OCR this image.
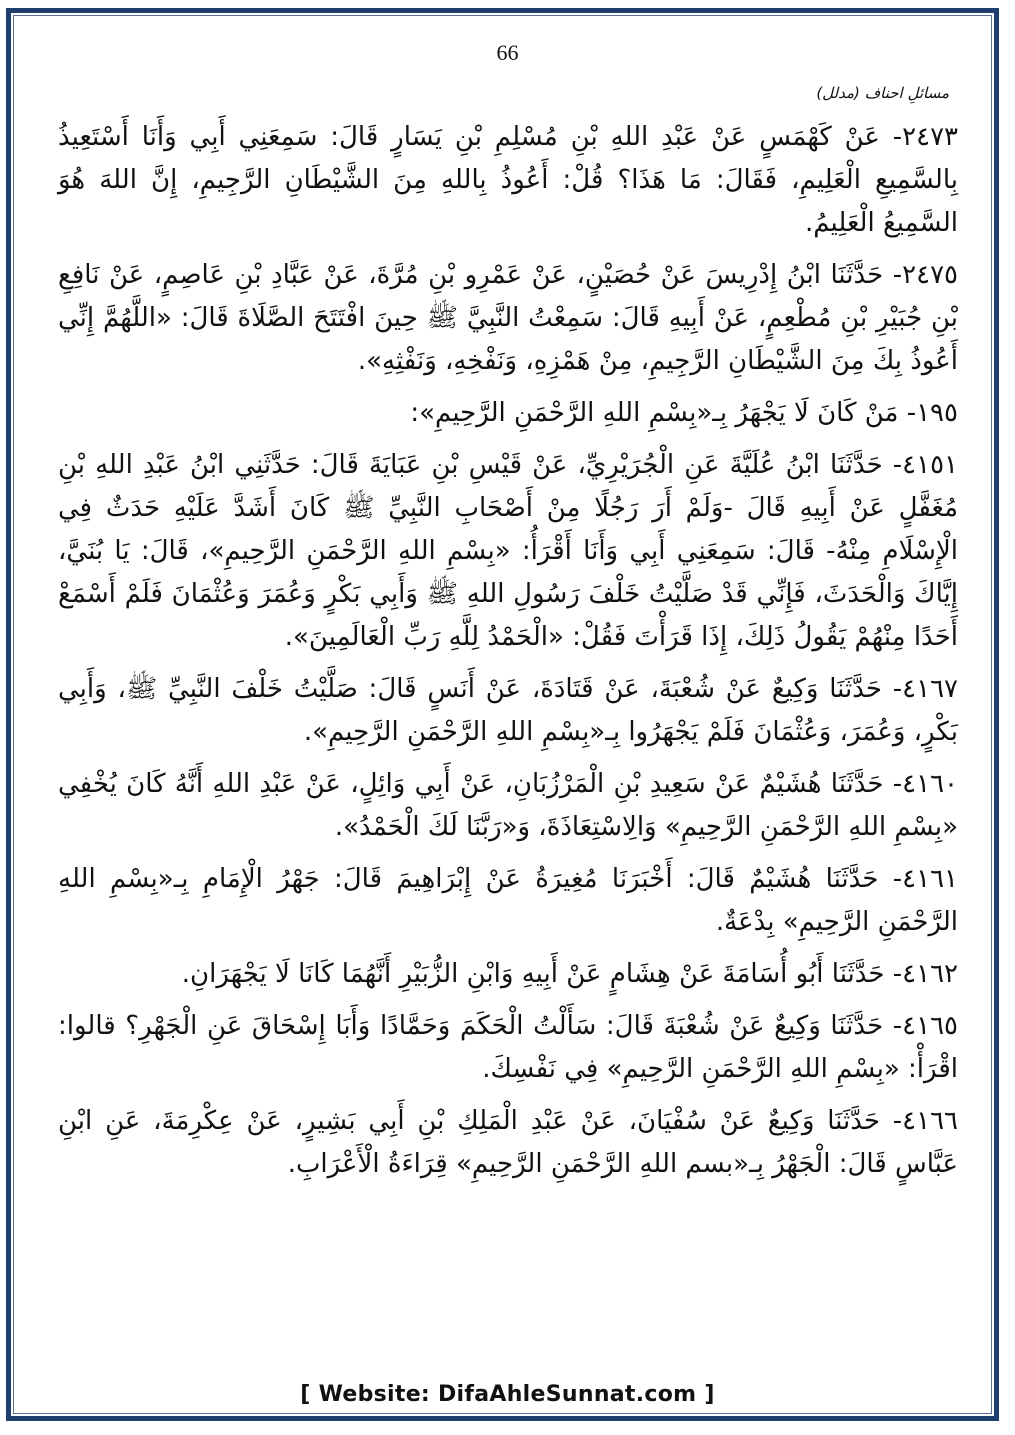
66
مسائلِ احناف (مدلل)

٢٤٧٣- عَنْ كَهْمَسٍ عَنْ عَبْدِ اللهِ بْنِ مُسْلِمِ بْنِ يَسَارٍ قَالَ: سَمِعَنِي أَبِي وَأَنَا أَسْتَعِيذُ بِالسَّمِيعِ الْعَلِيمِ، فَقَالَ: مَا هَذَا؟ قُلْ: أَعُوذُ بِاللهِ مِنَ الشَّيْطَانِ الرَّجِيمِ، إِنَّ اللهَ هُوَ السَّمِيعُ الْعَلِيمُ.

٢٤٧٥- حَدَّثَنَا ابْنُ إِدْرِيسَ عَنْ حُصَيْنٍ، عَنْ عَمْرِو بْنِ مُرَّةَ، عَنْ عَبَّادِ بْنِ عَاصِمٍ، عَنْ نَافِعِ بْنِ جُبَيْرِ بْنِ مُطْعِمٍ، عَنْ أَبِيهِ قَالَ: سَمِعْتُ النَّبِيَّ ﷺ حِينَ افْتَتَحَ الصَّلَاةَ قَالَ: «اللَّهُمَّ إِنِّي أَعُوذُ بِكَ مِنَ الشَّيْطَانِ الرَّجِيمِ، مِنْ هَمْزِهِ، وَنَفْخِهِ، وَنَفْثِهِ».

١٩٥- مَنْ كَانَ لَا يَجْهَرُ بِـ«بِسْمِ اللهِ الرَّحْمَنِ الرَّحِيمِ»:

٤١٥١- حَدَّثَنَا ابْنُ عُلَيَّةَ عَنِ الْجُرَيْرِيِّ، عَنْ قَيْسِ بْنِ عَبَايَةَ قَالَ: حَدَّثَنِي ابْنُ عَبْدِ اللهِ بْنِ مُغَفَّلٍ عَنْ أَبِيهِ قَالَ -وَلَمْ أَرَ رَجُلًا مِنْ أَصْحَابِ النَّبِيِّ ﷺ كَانَ أَشَدَّ عَلَيْهِ حَدَثٌ فِي الْإِسْلَامِ مِنْهُ- قَالَ: سَمِعَنِي أَبِي وَأَنَا أَقْرَأُ: «بِسْمِ اللهِ الرَّحْمَنِ الرَّحِيمِ»، قَالَ: يَا بُنَيَّ، إِيَّاكَ وَالْحَدَثَ، فَإِنِّي قَدْ صَلَّيْتُ خَلْفَ رَسُولِ اللهِ ﷺ وَأَبِي بَكْرٍ وَعُمَرَ وَعُثْمَانَ فَلَمْ أَسْمَعْ أَحَدًا مِنْهُمْ يَقُولُ ذَلِكَ، إِذَا قَرَأْتَ فَقُلْ: «الْحَمْدُ لِلَّهِ رَبِّ الْعَالَمِينَ».

٤١٦٧- حَدَّثَنَا وَكِيعٌ عَنْ شُعْبَةَ، عَنْ قَتَادَةَ، عَنْ أَنَسٍ قَالَ: صَلَّيْتُ خَلْفَ النَّبِيِّ ﷺ، وَأَبِي بَكْرٍ، وَعُمَرَ، وَعُثْمَانَ فَلَمْ يَجْهَرُوا بِـ«بِسْمِ اللهِ الرَّحْمَنِ الرَّحِيمِ».

٤١٦٠- حَدَّثَنَا هُشَيْمٌ عَنْ سَعِيدِ بْنِ الْمَرْزُبَانِ، عَنْ أَبِي وَائِلٍ، عَنْ عَبْدِ اللهِ أَنَّهُ كَانَ يُخْفِي «بِسْمِ اللهِ الرَّحْمَنِ الرَّحِيمِ» وَالِاسْتِعَاذَةَ، وَ«رَبَّنَا لَكَ الْحَمْدُ».

٤١٦١- حَدَّثَنَا هُشَيْمٌ قَالَ: أَخْبَرَنَا مُغِيرَةُ عَنْ إِبْرَاهِيمَ قَالَ: جَهْرُ الْإِمَامِ بِـ«بِسْمِ اللهِ الرَّحْمَنِ الرَّحِيمِ» بِدْعَةٌ.

٤١٦٢- حَدَّثَنَا أَبُو أُسَامَةَ عَنْ هِشَامٍ عَنْ أَبِيهِ وَابْنِ الزُّبَيْرِ أَنَّهُمَا كَانَا لَا يَجْهَرَانِ.

٤١٦٥- حَدَّثَنَا وَكِيعٌ عَنْ شُعْبَةَ قَالَ: سَأَلْتُ الْحَكَمَ وَحَمَّادًا وَأَبَا إِسْحَاقَ عَنِ الْجَهْرِ؟ قالوا: اقْرَأْ: «بِسْمِ اللهِ الرَّحْمَنِ الرَّحِيمِ» فِي نَفْسِكَ.

٤١٦٦- حَدَّثَنَا وَكِيعٌ عَنْ سُفْيَانَ، عَنْ عَبْدِ الْمَلِكِ بْنِ أَبِي بَشِيرٍ، عَنْ عِكْرِمَةَ، عَنِ ابْنِ عَبَّاسٍ قَالَ: الْجَهْرُ بِـ«بسم اللهِ الرَّحْمَنِ الرَّحِيمِ» قِرَاءَةُ الْأَعْرَابِ.

[ Website: DifaAhleSunnat.com ]
